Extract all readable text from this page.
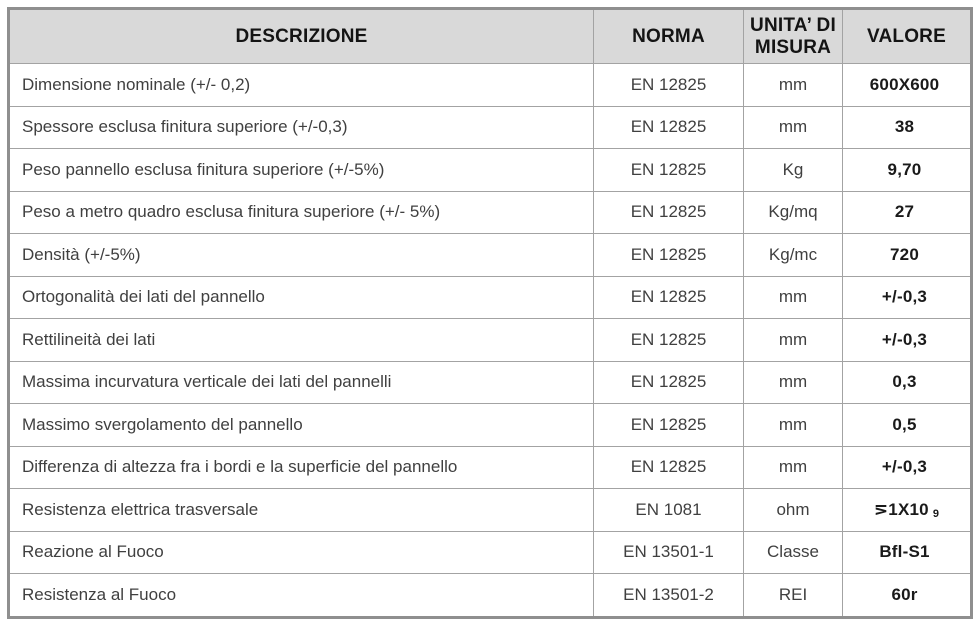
DESCRIZIONE	NORMA	UNITA’ DI MISURA	VALORE
Dimensione nominale (+/- 0,2)	EN 12825	mm	600X600
Spessore esclusa finitura superiore (+/-0,3)	EN 12825	mm	38
Peso pannello esclusa finitura superiore (+/-5%)	EN 12825	Kg	9,70
Peso a metro quadro esclusa finitura superiore (+/- 5%)	EN 12825	Kg/mq	27
Densità (+/-5%)	EN 12825	Kg/mc	720
Ortogonalità dei lati del pannello	EN 12825	mm	+/-0,3
Rettilineità dei lati	EN 12825	mm	+/-0,3
Massima incurvatura verticale dei lati del pannelli	EN 12825	mm	0,3
Massimo svergolamento del pannello	EN 12825	mm	0,5
Differenza di altezza fra i bordi e la superficie del pannello	EN 12825	mm	+/-0,3
Resistenza elettrica trasversale	EN 1081	ohm	⋝1X10 9
Reazione al Fuoco	EN 13501-1	Classe	Bfl-S1
Resistenza al Fuoco	EN 13501-2	REI	60r
